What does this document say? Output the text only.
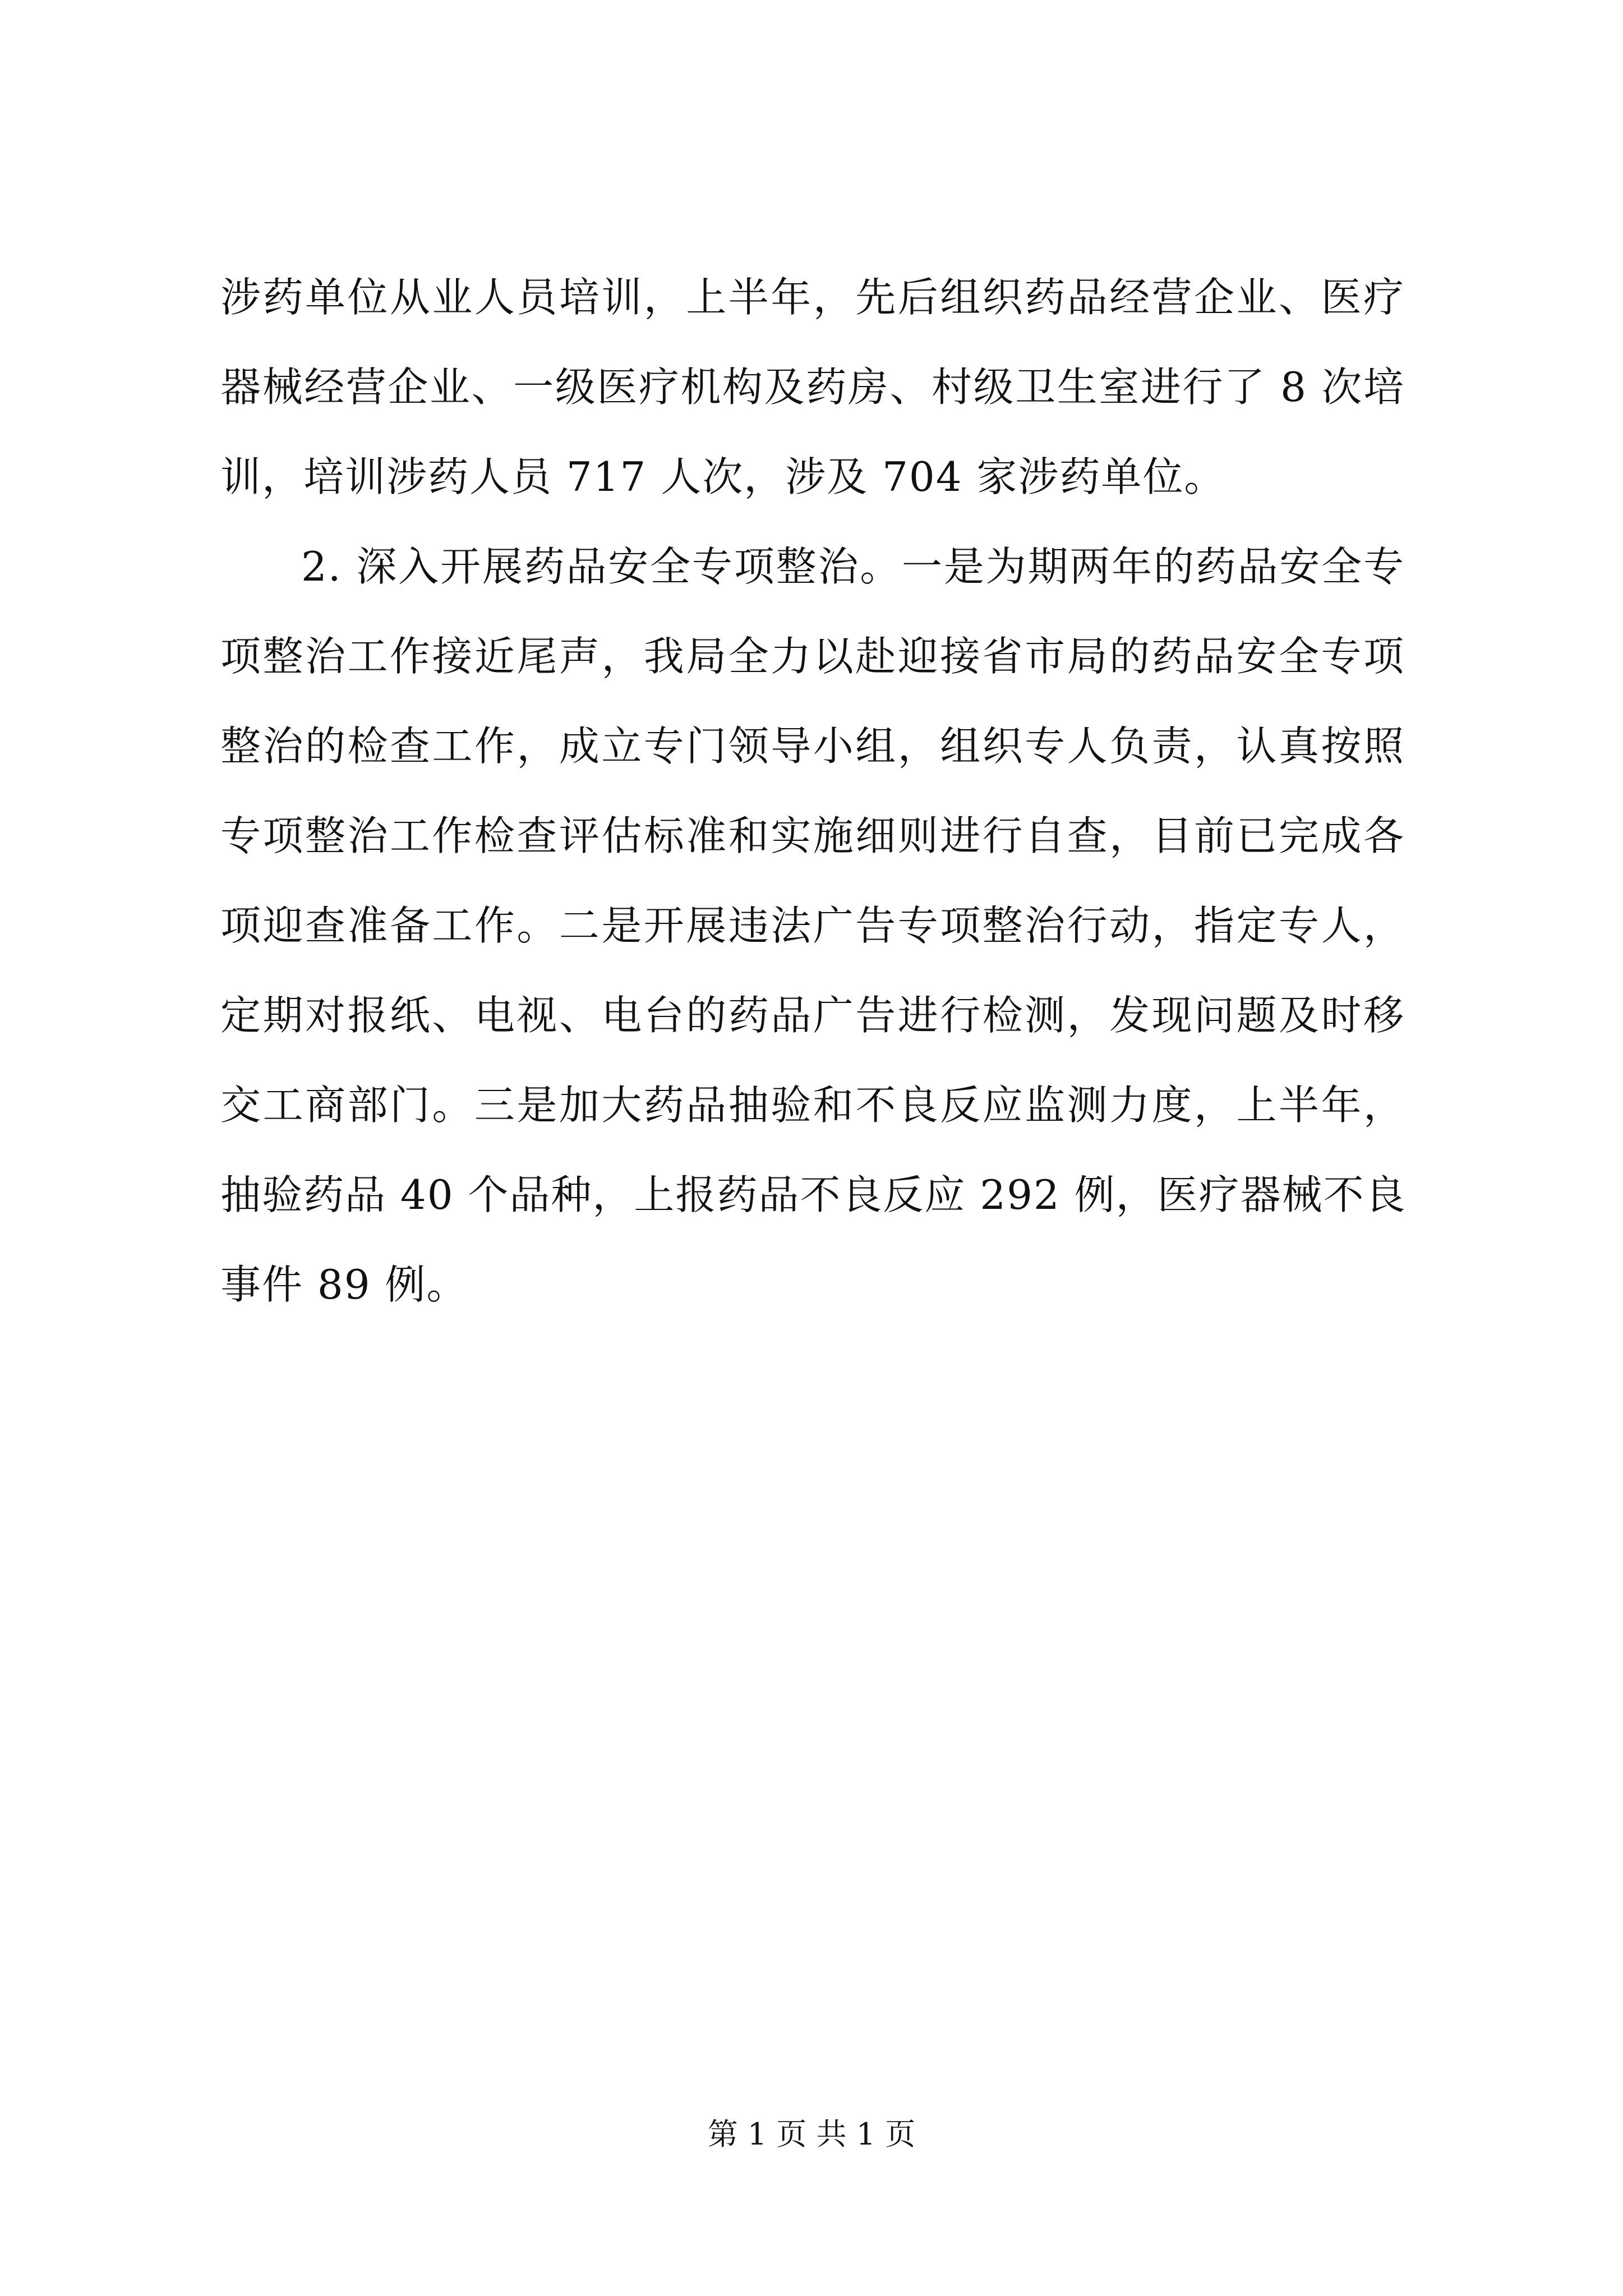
涉药单位从业人员培训，上半年，先后组织药品经营企业、医疗
器械经营企业、一级医疗机构及药房、村级卫生室进行了 8 次培
训，培训涉药人员 717 人次，涉及 704 家涉药单位。
2. 深入开展药品安全专项整治。一是为期两年的药品安全专
项整治工作接近尾声，我局全力以赴迎接省市局的药品安全专项
整治的检查工作，成立专门领导小组，组织专人负责，认真按照
专项整治工作检查评估标准和实施细则进行自查，目前已完成各
项迎查准备工作。二是开展违法广告专项整治行动，指定专人，
定期对报纸、电视、电台的药品广告进行检测，发现问题及时移
交工商部门。三是加大药品抽验和不良反应监测力度，上半年，
抽验药品 40 个品种，上报药品不良反应 292 例，医疗器械不良
事件 89 例。
第 1 页 共 1 页
